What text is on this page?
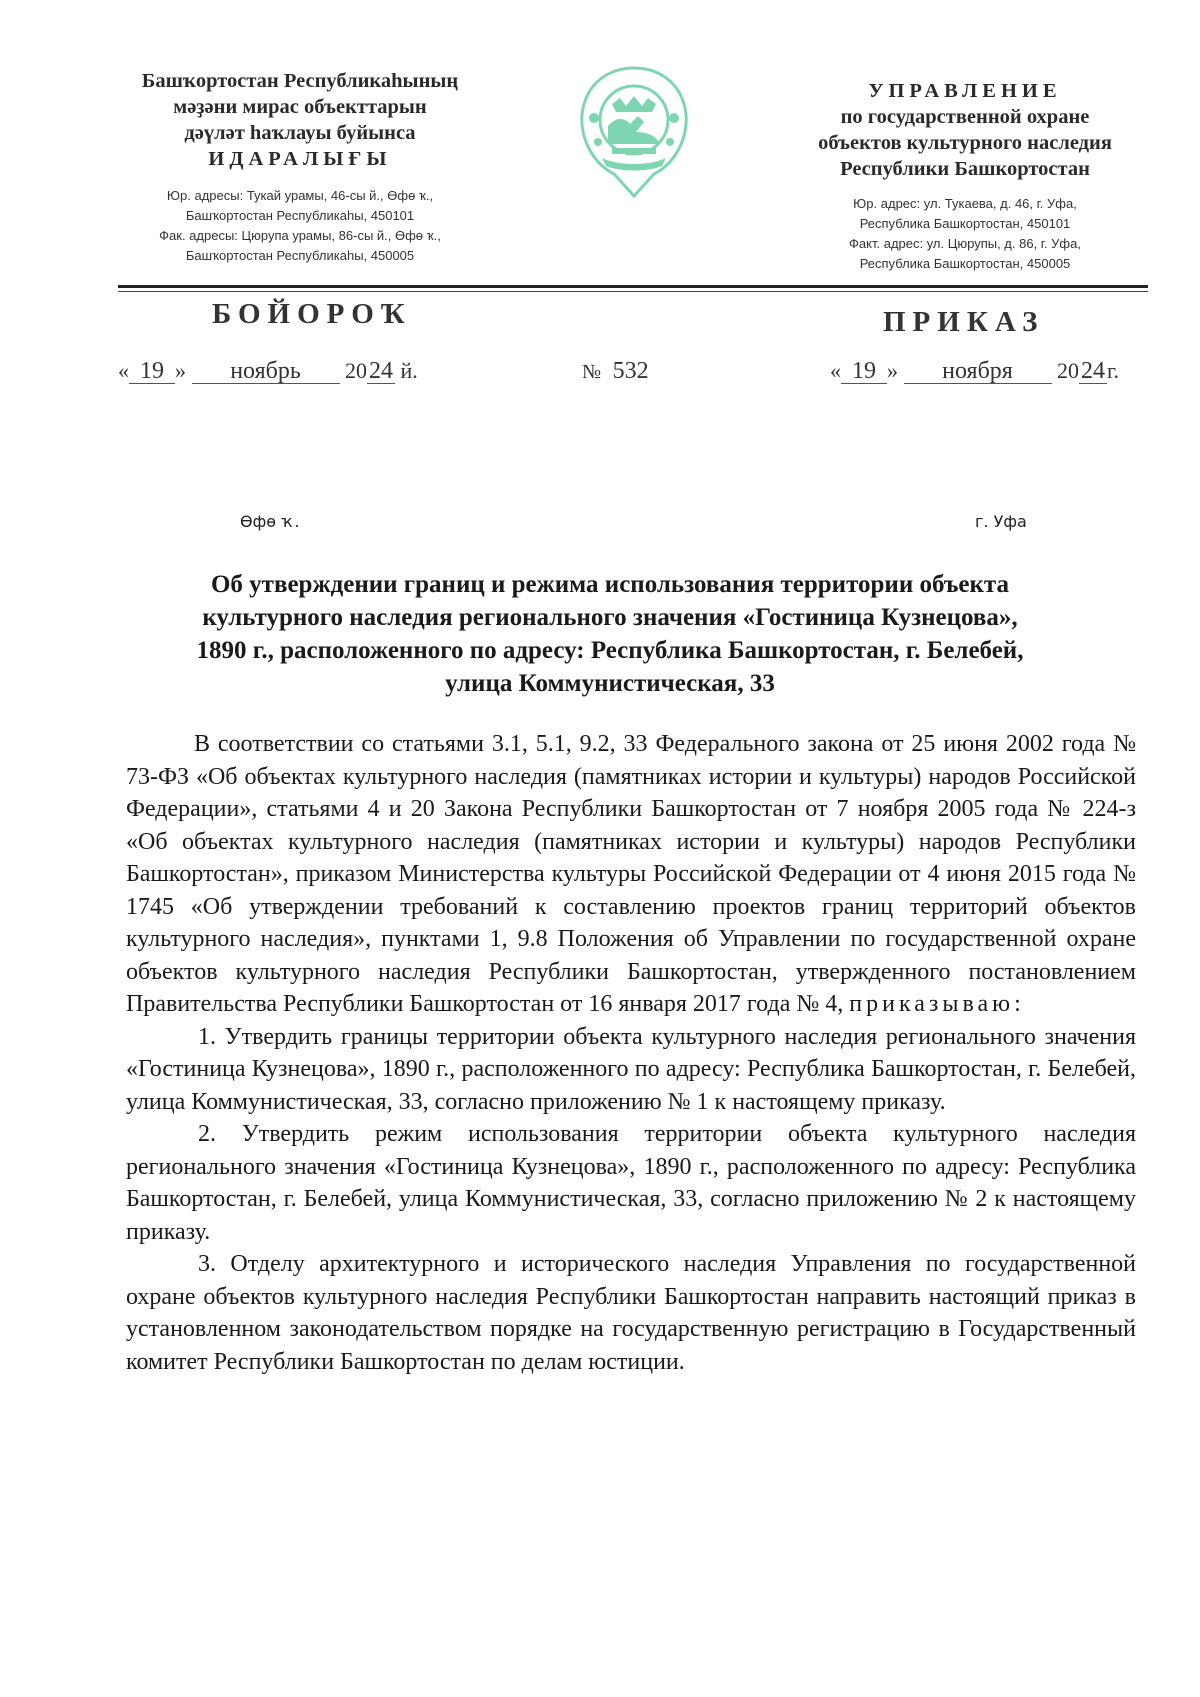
Башҡортостан Республикаһының
мәҙәни мирас объекттарын
дәүләт һаҡлауы буйынса
ИДАРАЛЫҒЫ
Юр. адресы: Тукай урамы, 46-сы й., Өфө ҡ.,
Башҡортостан Республикаһы, 450101
Фак. адресы: Цюрупа урамы, 86-сы й., Өфө ҡ.,
Башҡортостан Республикаһы, 450005
УПРАВЛЕНИЕ
по государственной охране
объектов культурного наследия
Республики Башкортостан
Юр. адрес: ул. Тукаева, д. 46, г. Уфа,
Республика Башкортостан, 450101
Факт. адрес: ул. Цюрупы, д. 86, г. Уфа,
Республика Башкортостан, 450005
БОЙОРОҠ	ПРИКАЗ
« 19 » ноябрь 2024 й.	№ 532	« 19 » ноября 2024г.
Өфө ҡ.	г. Уфа
Об утверждении границ и режима использования территории объекта
культурного наследия регионального значения «Гостиница Кузнецова»,
1890 г., расположенного по адресу: Республика Башкортостан, г. Белебей,
улица Коммунистическая, 33

В соответствии со статьями 3.1, 5.1, 9.2, 33 Федерального закона от 25 июня 2002 года № 73-ФЗ «Об объектах культурного наследия (памятниках истории и культуры) народов Российской Федерации», статьями 4 и 20 Закона Республики Башкортостан от 7 ноября 2005 года № 224-з «Об объектах культурного наследия (памятниках истории и культуры) народов Республики Башкортостан», приказом Министерства культуры Российской Федерации от 4 июня 2015 года № 1745 «Об утверждении требований к составлению проектов границ территорий объектов культурного наследия», пунктами 1, 9.8 Положения об Управлении по государственной охране объектов культурного наследия Республики Башкортостан, утвержденного постановлением Правительства Республики Башкортостан от 16 января 2017 года № 4, приказываю:

1. Утвердить границы территории объекта культурного наследия регионального значения «Гостиница Кузнецова», 1890 г., расположенного по адресу: Республика Башкортостан, г. Белебей, улица Коммунистическая, 33, согласно приложению № 1 к настоящему приказу.

2. Утвердить режим использования территории объекта культурного наследия регионального значения «Гостиница Кузнецова», 1890 г., расположенного по адресу: Республика Башкортостан, г. Белебей, улица Коммунистическая, 33, согласно приложению № 2 к настоящему приказу.

3. Отделу архитектурного и исторического наследия Управления по государственной охране объектов культурного наследия Республики Башкортостан направить настоящий приказ в установленном законодательством порядке на государственную регистрацию в Государственный комитет Республики Башкортостан по делам юстиции.
